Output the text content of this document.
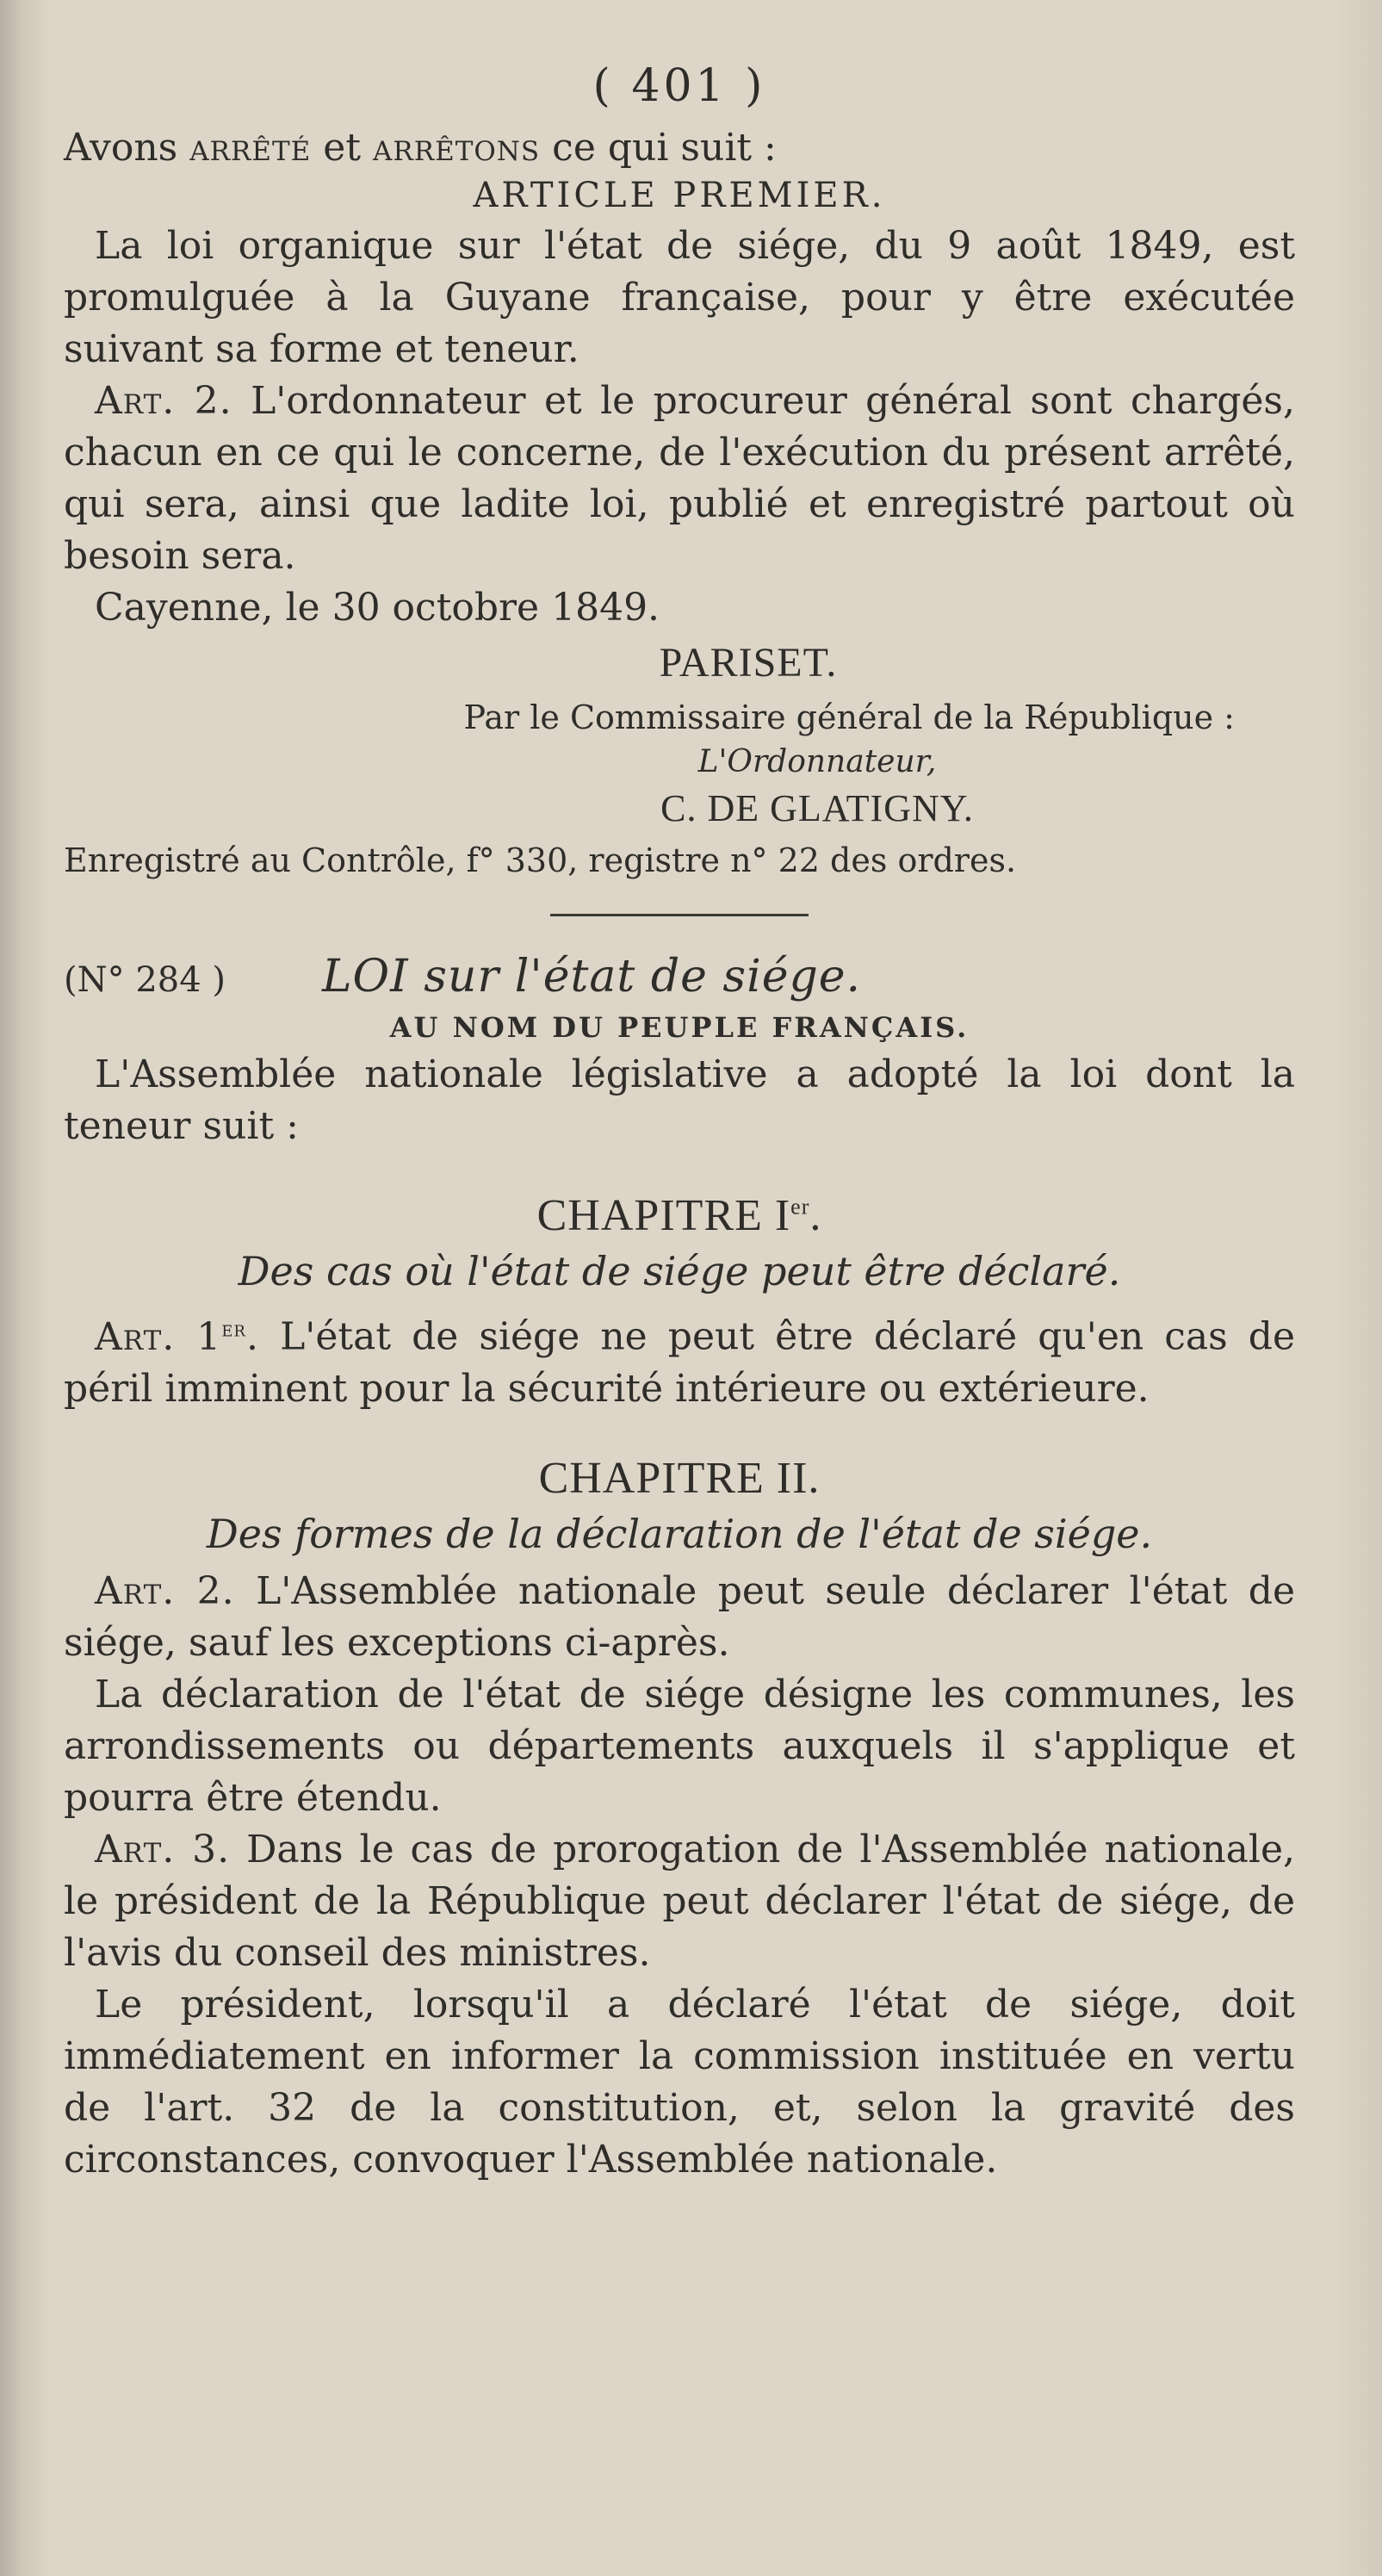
( 401 )

Avons arrêté et arrêtons ce qui suit :

ARTICLE PREMIER.

La loi organique sur l'état de siége, du 9 août 1849, est promulguée à la Guyane française, pour y être exécutée suivant sa forme et teneur.

Art. 2. L'ordonnateur et le procureur général sont chargés, chacun en ce qui le concerne, de l'exécution du présent arrêté, qui sera, ainsi que ladite loi, publié et enregistré partout où besoin sera.

Cayenne, le 30 octobre 1849.

PARISET.
Par le Commissaire général de la République :
L'Ordonnateur,
C. DE GLATIGNY.
Enregistré au Contrôle, f° 330, registre n° 22 des ordres.
(N° 284 )	LOI sur l'état de siége.
AU NOM DU PEUPLE FRANÇAIS.

L'Assemblée nationale législative a adopté la loi dont la teneur suit :

CHAPITRE Ier.
Des cas où l'état de siége peut être déclaré.

Art. 1er. L'état de siége ne peut être déclaré qu'en cas de péril imminent pour la sécurité intérieure ou extérieure.

CHAPITRE II.
Des formes de la déclaration de l'état de siége.

Art. 2. L'Assemblée nationale peut seule déclarer l'état de siége, sauf les exceptions ci-après.

La déclaration de l'état de siége désigne les communes, les arrondissements ou départements auxquels il s'applique et pourra être étendu.

Art. 3. Dans le cas de prorogation de l'Assemblée nationale, le président de la République peut déclarer l'état de siége, de l'avis du conseil des ministres.

Le président, lorsqu'il a déclaré l'état de siége, doit immédiatement en informer la commission instituée en vertu de l'art. 32 de la constitution, et, selon la gravité des circonstances, convoquer l'Assemblée nationale.
